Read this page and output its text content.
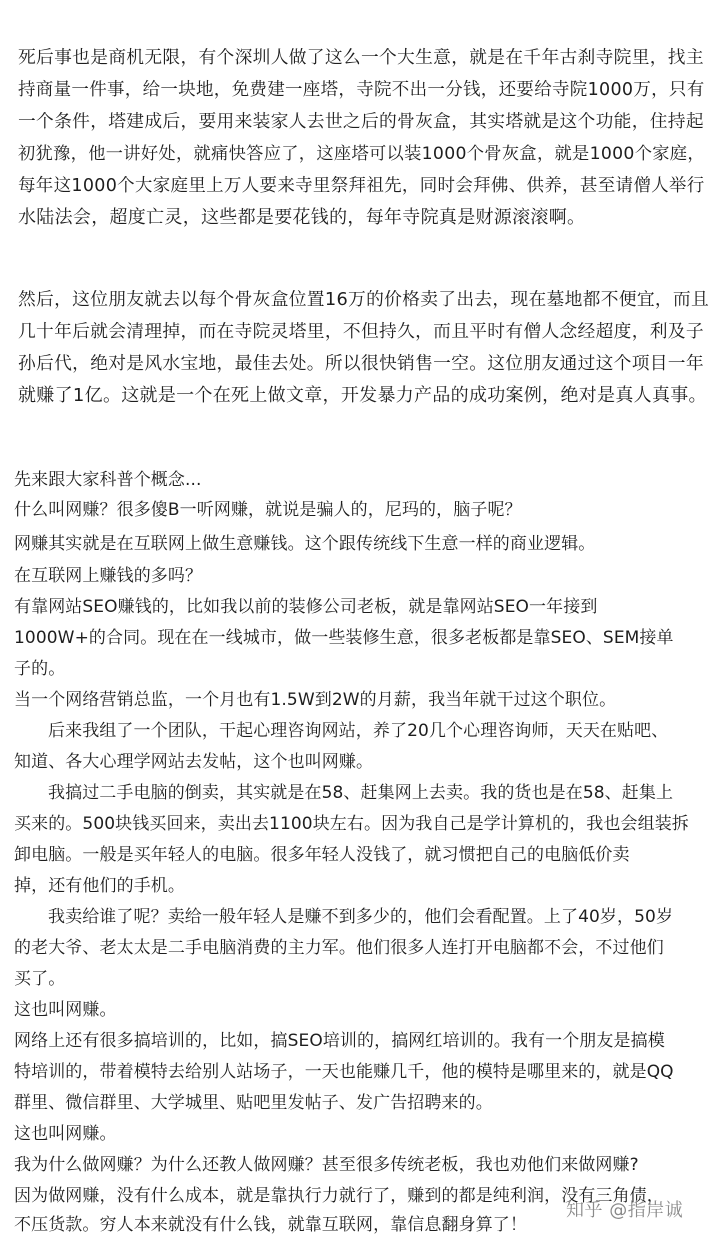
死后事也是商机无限，有个深圳人做了这么一个大生意，就是在千年古刹寺院里，找主
持商量一件事，给一块地，免费建一座塔，寺院不出一分钱，还要给寺院1000万，只有
一个条件，塔建成后，要用来装家人去世之后的骨灰盒，其实塔就是这个功能，住持起
初犹豫，他一讲好处，就痛快答应了，这座塔可以装1000个骨灰盒，就是1000个家庭，
每年这1000个大家庭里上万人要来寺里祭拜祖先，同时会拜佛、供养，甚至请僧人举行
水陆法会，超度亡灵，这些都是要花钱的，每年寺院真是财源滚滚啊。
然后，这位朋友就去以每个骨灰盒位置16万的价格卖了出去，现在墓地都不便宜，而且
几十年后就会清理掉，而在寺院灵塔里，不但持久，而且平时有僧人念经超度，利及子
孙后代，绝对是风水宝地，最佳去处。所以很快销售一空。这位朋友通过这个项目一年
就赚了1亿。这就是一个在死上做文章，开发暴力产品的成功案例，绝对是真人真事。
先来跟大家科普个概念...
什么叫网赚？很多傻B一听网赚，就说是骗人的，尼玛的，脑子呢？
网赚其实就是在互联网上做生意赚钱。这个跟传统线下生意一样的商业逻辑。
在互联网上赚钱的多吗？
有靠网站SEO赚钱的，比如我以前的装修公司老板，就是靠网站SEO一年接到
1000W+的合同。现在在一线城市，做一些装修生意，很多老板都是靠SEO、SEM接单
子的。
当一个网络营销总监，一个月也有1.5W到2W的月薪，我当年就干过这个职位。
后来我组了一个团队，干起心理咨询网站，养了20几个心理咨询师，天天在贴吧、
知道、各大心理学网站去发帖，这个也叫网赚。
我搞过二手电脑的倒卖，其实就是在58、赶集网上去卖。我的货也是在58、赶集上
买来的。500块钱买回来，卖出去1100块左右。因为我自己是学计算机的，我也会组装拆
卸电脑。一般是买年轻人的电脑。很多年轻人没钱了，就习惯把自己的电脑低价卖
掉，还有他们的手机。
我卖给谁了呢？卖给一般年轻人是赚不到多少的，他们会看配置。上了40岁，50岁
的老大爷、老太太是二手电脑消费的主力军。他们很多人连打开电脑都不会，不过他们
买了。
这也叫网赚。
网络上还有很多搞培训的，比如，搞SEO培训的，搞网红培训的。我有一个朋友是搞模
特培训的，带着模特去给别人站场子，一天也能赚几千，他的模特是哪里来的，就是QQ
群里、微信群里、大学城里、贴吧里发帖子、发广告招聘来的。
这也叫网赚。
我为什么做网赚？为什么还教人做网赚？甚至很多传统老板，我也劝他们来做网赚?
因为做网赚，没有什么成本，就是靠执行力就行了，赚到的都是纯利润，没有三角债，
不压货款。穷人本来就没有什么钱，就靠互联网，靠信息翻身算了！
知乎 @指岸诚
